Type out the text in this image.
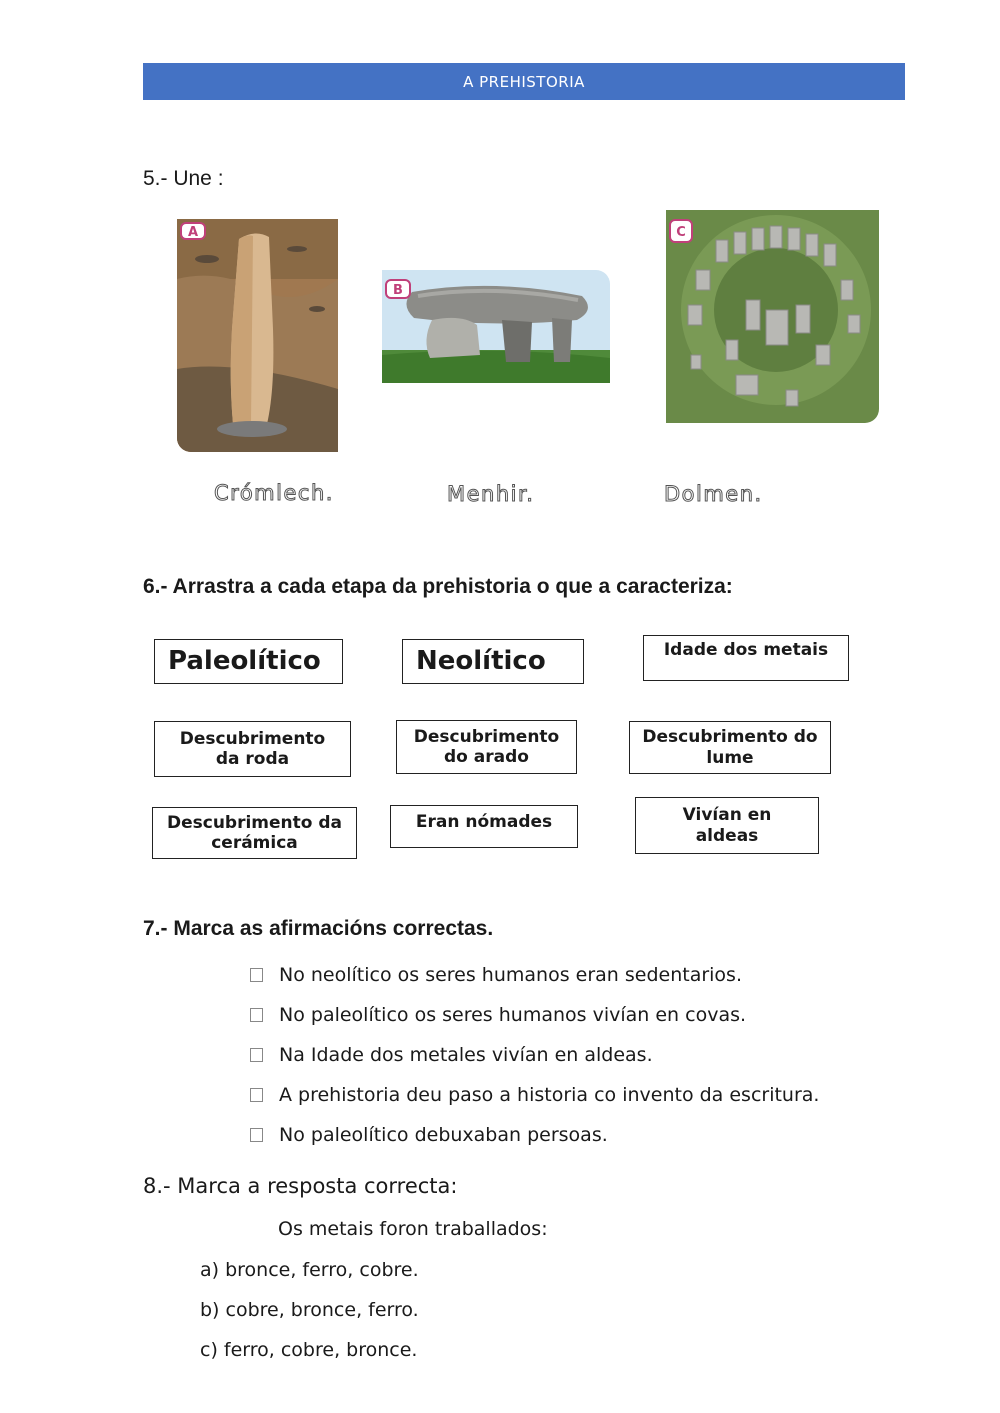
A PREHISTORIA
5.- Une :
A
B
C
Crómlech.	Menhir.	Dolmen.
6.- Arrastra a cada etapa da prehistoria o que a caracteriza:
Paleolítico	Neolítico	Idade dos metais
Descubrimento da roda
Descubrimento do arado
Descubrimento do lume
Descubrimento da cerámica
Eran nómades	Vivían en aldeas
7.- Marca as afirmacións correctas.
No neolítico os seres humanos eran sedentarios.
No paleolítico os seres humanos vivían en covas.
Na Idade dos metales vivían en aldeas.
A prehistoria deu paso a historia co invento da escritura.
No paleolítico debuxaban persoas.
8.- Marca a resposta correcta:
Os metais foron traballados:
a) bronce, ferro, cobre.
b) cobre, bronce, ferro.
c) ferro, cobre, bronce.
